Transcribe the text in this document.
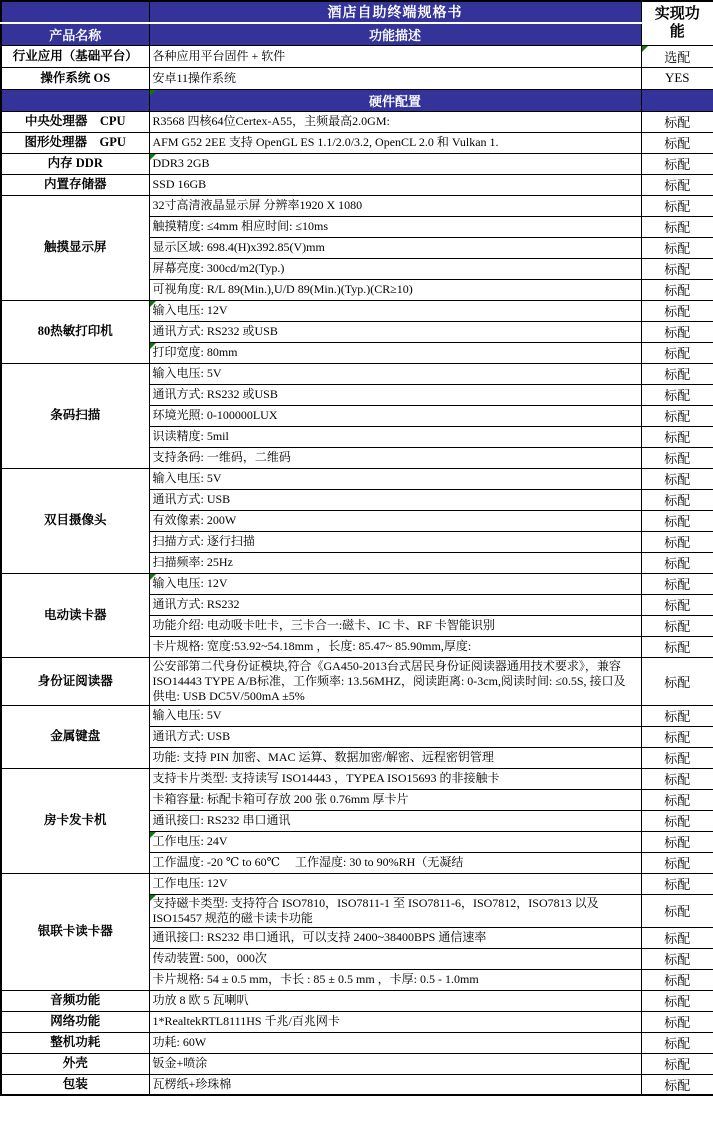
	酒店自助终端规格书	实现功能

产品名称	功能描述	
行业应用（基础平台）	各种应用平台固件 + 软件	选配
操作系统 OS	安卓11操作系统	YES
	硬件配置	
中央处理器　CPU	R3568 四核64位Certex-A55，主频最高2.0GM:	标配
图形处理器　GPU	AFM G52 2EE 支持 OpenGL ES 1.1/2.0/3.2, OpenCL 2.0 和 Vulkan 1.	标配
内存 DDR	DDR3 2GB	标配
内置存储器	SSD 16GB	标配
触摸显示屏	32寸高清液晶显示屏 分辨率1920 X 1080	标配
	触摸精度: ≤4mm 相应时间: ≤10ms	标配
	显示区域: 698.4(H)x392.85(V)mm	标配
	屏幕亮度: 300cd/m2(Typ.)	标配
	可视角度: R/L 89(Min.),U/D 89(Min.)(Typ.)(CR≥10)	标配
80热敏打印机	输入电压: 12V	标配
	通讯方式: RS232 或USB	标配
	打印宽度: 80mm	标配
条码扫描	输入电压: 5V	标配
	通讯方式: RS232 或USB	标配
	环境光照: 0-100000LUX	标配
	识读精度: 5mil	标配
	支持条码: 一维码，二维码	标配
双目摄像头	输入电压: 5V	标配
	通讯方式: USB	标配
	有效像素: 200W	标配
	扫描方式: 逐行扫描	标配
	扫描频率: 25Hz	标配
电动读卡器	输入电压: 12V	标配
	通讯方式: RS232	标配
	功能介绍: 电动吸卡吐卡，三卡合一:磁卡、IC 卡、RF 卡智能识别	标配
	卡片规格: 宽度:53.92~54.18mm ，长度: 85.47~ 85.90mm,厚度:	标配
身份证阅读器	公安部第二代身份证模块,符合《GA450-2013台式居民身份证阅读器通用技术要求》，兼容ISO14443 TYPE A/B标准，工作频率: 13.56MHZ，阅读距离: 0-3cm,阅读时间: ≤0.5S, 接口及供电: USB DC5V/500mA ±5%	标配
金属键盘	输入电压: 5V	标配
	通讯方式: USB	标配
	功能: 支持 PIN 加密、MAC 运算、数据加密/解密、远程密钥管理	标配
房卡发卡机	支持卡片类型: 支持读写 ISO14443 ，TYPEA ISO15693 的非接触卡	标配
	卡箱容量: 标配卡箱可存放 200 张 0.76mm 厚卡片	标配
	通讯接口: RS232 串口通讯	标配
	工作电压: 24V	标配
	工作温度: -20 ℃ to 60℃　 工作湿度: 30 to 90%RH（无凝结	标配
银联卡读卡器	工作电压: 12V	标配
	支持磁卡类型: 支持符合 ISO7810，ISO7811-1 至 ISO7811-6，ISO7812，ISO7813 以及 ISO15457 规范的磁卡读卡功能	标配
	通讯接口: RS232 串口通讯，可以支持 2400~38400BPS 通信速率	标配
	传动装置: 500，000次	标配
	卡片规格: 54 ± 0.5 mm，卡长 : 85 ± 0.5 mm ，卡厚: 0.5 - 1.0mm	标配
音频功能	功放 8 欧 5 瓦喇叭	标配
网络功能	1*RealtekRTL8111HS 千兆/百兆网卡	标配
整机功耗	功耗: 60W	标配
外壳	钣金+喷涂	标配
包装	瓦楞纸+珍珠棉	标配
